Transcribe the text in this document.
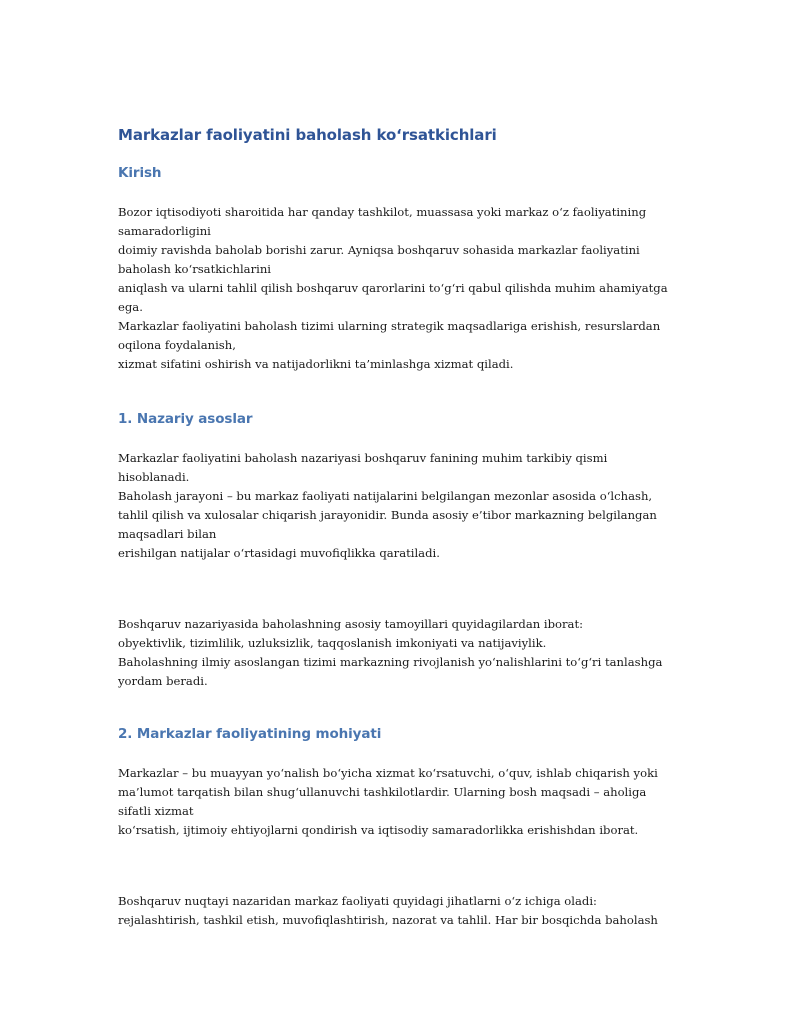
Markazlar faoliyatini baholash ko‘rsatkichlari
Kirish
Bozor iqtisodiyoti sharoitida har qanday tashkilot, muassasa yoki markaz o‘z faoliyatining
samaradorligini
doimiy ravishda baholab borishi zarur. Ayniqsa boshqaruv sohasida markazlar faoliyatini
baholash ko‘rsatkichlarini
aniqlash va ularni tahlil qilish boshqaruv qarorlarini to‘g‘ri qabul qilishda muhim ahamiyatga
ega.
Markazlar faoliyatini baholash tizimi ularning strategik maqsadlariga erishish, resurslardan
oqilona foydalanish,
xizmat sifatini oshirish va natijadorlikni ta’minlashga xizmat qiladi.
1. Nazariy asoslar
Markazlar faoliyatini baholash nazariyasi boshqaruv fanining muhim tarkibiy qismi
hisoblanadi.
Baholash jarayoni – bu markaz faoliyati natijalarini belgilangan mezonlar asosida o‘lchash,
tahlil qilish va xulosalar chiqarish jarayonidir. Bunda asosiy e’tibor markazning belgilangan
maqsadlari bilan
erishilgan natijalar o‘rtasidagi muvofiqlikka qaratiladi.
Boshqaruv nazariyasida baholashning asosiy tamoyillari quyidagilardan iborat:
obyektivlik, tizimlilik, uzluksizlik, taqqoslanish imkoniyati va natijaviylik.
Baholashning ilmiy asoslangan tizimi markazning rivojlanish yo‘nalishlarini to‘g‘ri tanlashga
yordam beradi.
2. Markazlar faoliyatining mohiyati
Markazlar – bu muayyan yo‘nalish bo‘yicha xizmat ko‘rsatuvchi, o‘quv, ishlab chiqarish yoki
ma’lumot tarqatish bilan shug‘ullanuvchi tashkilotlardir. Ularning bosh maqsadi – aholiga
sifatli xizmat
ko‘rsatish, ijtimoiy ehtiyojlarni qondirish va iqtisodiy samaradorlikka erishishdan iborat.
Boshqaruv nuqtayi nazaridan markaz faoliyati quyidagi jihatlarni o‘z ichiga oladi:
rejalashtirish, tashkil etish, muvofiqlashtirish, nazorat va tahlil. Har bir bosqichda baholash
